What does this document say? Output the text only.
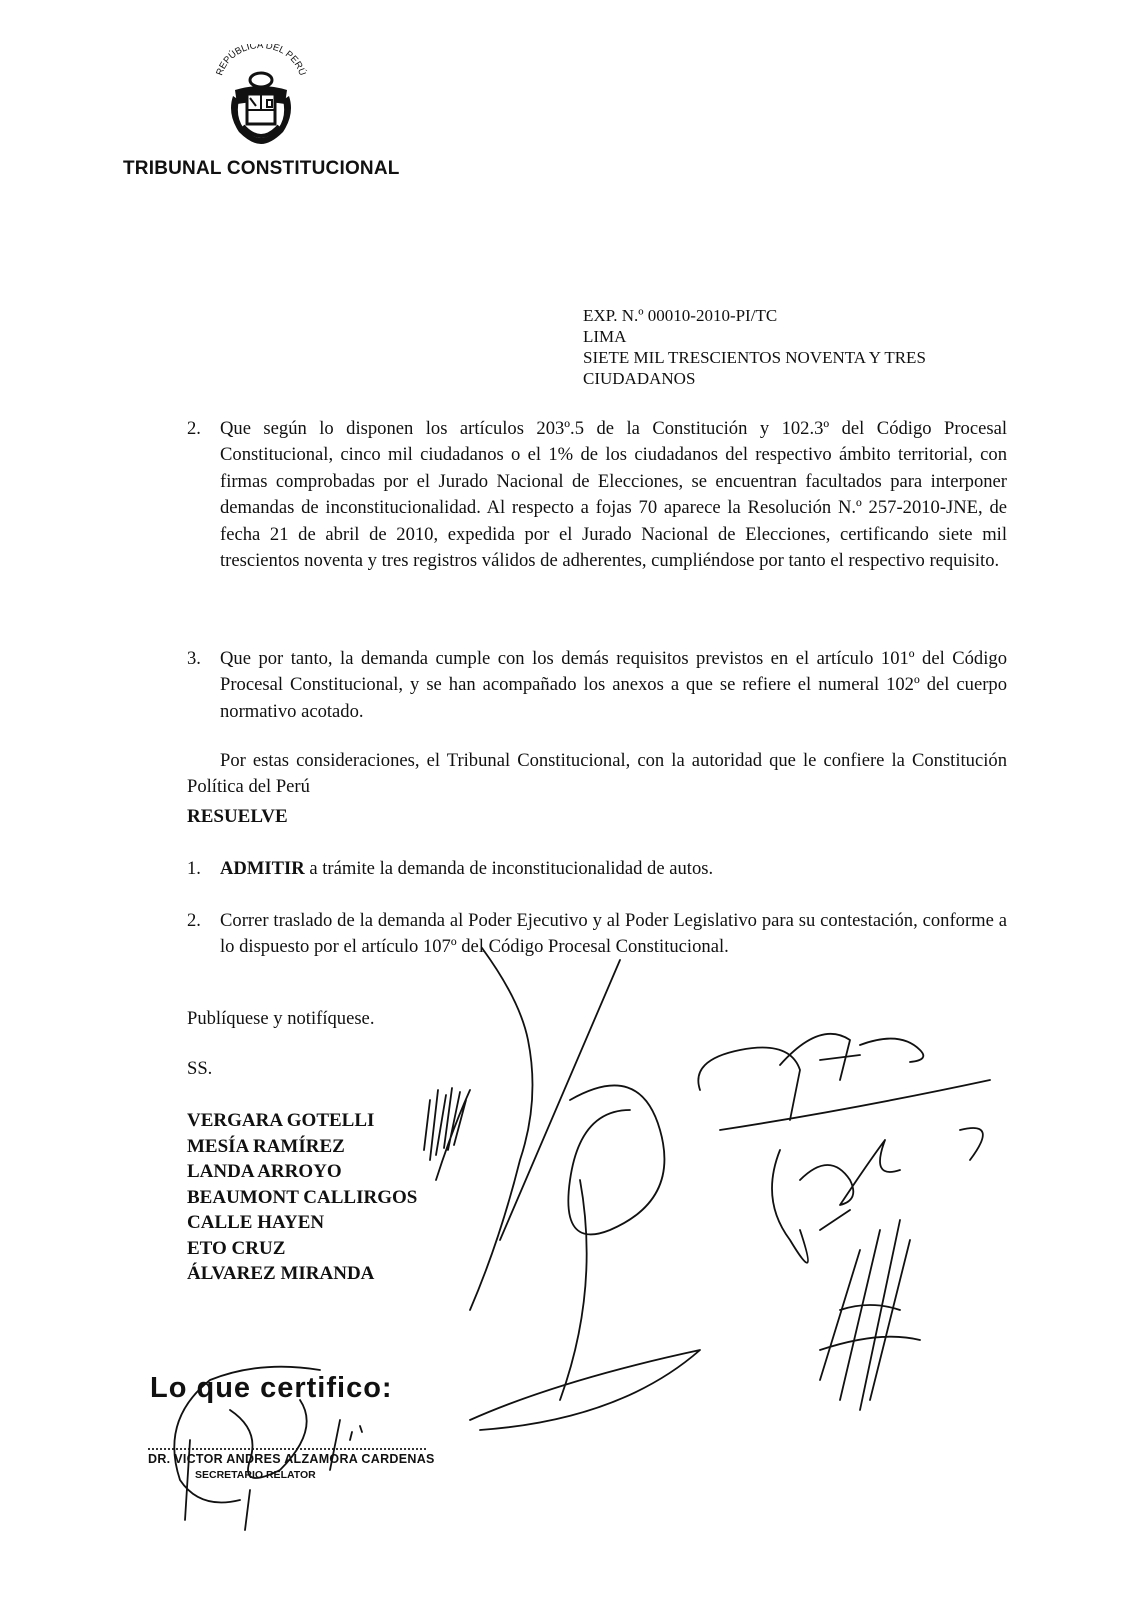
REPÚBLICA DEL PERÚ
TRIBUNAL CONSTITUCIONAL
EXP. N.º 00010-2010-PI/TC
LIMA
SIETE MIL TRESCIENTOS NOVENTA Y TRES
CIUDADANOS
2. Que según lo disponen los artículos 203º.5 de la Constitución y 102.3º del Código Procesal Constitucional, cinco mil ciudadanos o el 1% de los ciudadanos del respectivo ámbito territorial, con firmas comprobadas por el Jurado Nacional de Elecciones, se encuentran facultados para interponer demandas de inconstitucionalidad. Al respecto a fojas 70 aparece la Resolución N.º 257-2010-JNE, de fecha 21 de abril de 2010, expedida por el Jurado Nacional de Elecciones, certificando siete mil trescientos noventa y tres registros válidos de adherentes, cumpliéndose por tanto el respectivo requisito.
3. Que por tanto, la demanda cumple con los demás requisitos previstos en el artículo 101º del Código Procesal Constitucional, y se han acompañado los anexos a que se refiere el numeral 102º del cuerpo normativo acotado.
Por estas consideraciones, el Tribunal Constitucional, con la autoridad que le confiere la Constitución Política del Perú
RESUELVE
1. ADMITIR a trámite la demanda de inconstitucionalidad de autos.
2. Correr traslado de la demanda al Poder Ejecutivo y al Poder Legislativo para su contestación, conforme a lo dispuesto por el artículo 107º del Código Procesal Constitucional.
Publíquese y notifíquese.
SS.
VERGARA GOTELLI
MESÍA RAMÍREZ
LANDA ARROYO
BEAUMONT CALLIRGOS
CALLE HAYEN
ETO CRUZ
ÁLVAREZ MIRANDA
Lo que certifico:
DR. VICTOR ANDRES ALZAMORA CARDENAS
SECRETARIO RELATOR
